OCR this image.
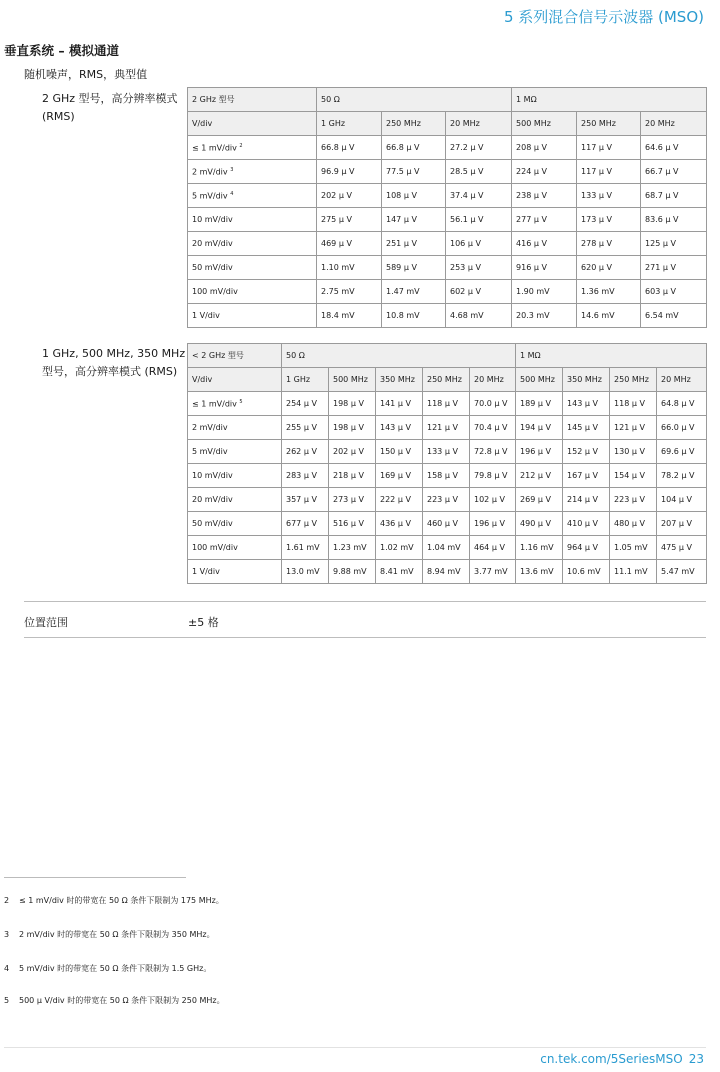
5 系列混合信号示波器 (MSO)
垂直系统 – 模拟通道
随机噪声，RMS，典型值
2 GHz 型号，高分辨率模式
(RMS)
2 GHz 型号	50 Ω			1 MΩ		
V/div	1 GHz	250 MHz	20 MHz	500 MHz	250 MHz	20 MHz
≤ 1 mV/div $^2$	66.8 μ V	66.8 μ V	27.2 μ V	208 μ V	117 μ V	64.6 μ V
2 mV/div $^3$	96.9 μ V	77.5 μ V	28.5 μ V	224 μ V	117 μ V	66.7 μ V
5 mV/div $^4$	202 μ V	108 μ V	37.4 μ V	238 μ V	133 μ V	68.7 μ V
10 mV/div	275 μ V	147 μ V	56.1 μ V	277 μ V	173 μ V	83.6 μ V
20 mV/div	469 μ V	251 μ V	106 μ V	416 μ V	278 μ V	125 μ V
50 mV/div	1.10 mV	589 μ V	253 μ V	916 μ V	620 μ V	271 μ V
100 mV/div	2.75 mV	1.47 mV	602 μ V	1.90 mV	1.36 mV	603 μ V
1 V/div	18.4 mV	10.8 mV	4.68 mV	20.3 mV	14.6 mV	6.54 mV
1 GHz, 500 MHz, 350 MHz
型号，高分辨率模式 (RMS)
< 2 GHz 型号	50 Ω					1 MΩ			
V/div	1 GHz	500 MHz	350 MHz	250 MHz	20 MHz	500 MHz	350 MHz	250 MHz	20 MHz
≤ 1 mV/div $^5$	254 μ V	198 μ V	141 μ V	118 μ V	70.0 μ V	189 μ V	143 μ V	118 μ V	64.8 μ V
2 mV/div	255 μ V	198 μ V	143 μ V	121 μ V	70.4 μ V	194 μ V	145 μ V	121 μ V	66.0 μ V
5 mV/div	262 μ V	202 μ V	150 μ V	133 μ V	72.8 μ V	196 μ V	152 μ V	130 μ V	69.6 μ V
10 mV/div	283 μ V	218 μ V	169 μ V	158 μ V	79.8 μ V	212 μ V	167 μ V	154 μ V	78.2 μ V
20 mV/div	357 μ V	273 μ V	222 μ V	223 μ V	102 μ V	269 μ V	214 μ V	223 μ V	104 μ V
50 mV/div	677 μ V	516 μ V	436 μ V	460 μ V	196 μ V	490 μ V	410 μ V	480 μ V	207 μ V
100 mV/div	1.61 mV	1.23 mV	1.02 mV	1.04 mV	464 μ V	1.16 mV	964 μ V	1.05 mV	475 μ V
1 V/div	13.0 mV	9.88 mV	8.41 mV	8.94 mV	3.77 mV	13.6 mV	10.6 mV	11.1 mV	5.47 mV
位置范围	±5 格
2 ≤ 1 mV/div 时的带宽在 50 Ω 条件下限制为 175 MHz。
3 2 mV/div 时的带宽在 50 Ω 条件下限制为 350 MHz。
4 5 mV/div 时的带宽在 50 Ω 条件下限制为 1.5 GHz。
5 500 μ V/div 时的带宽在 50 Ω 条件下限制为 250 MHz。
cn.tek.com/5SeriesMSO 23
